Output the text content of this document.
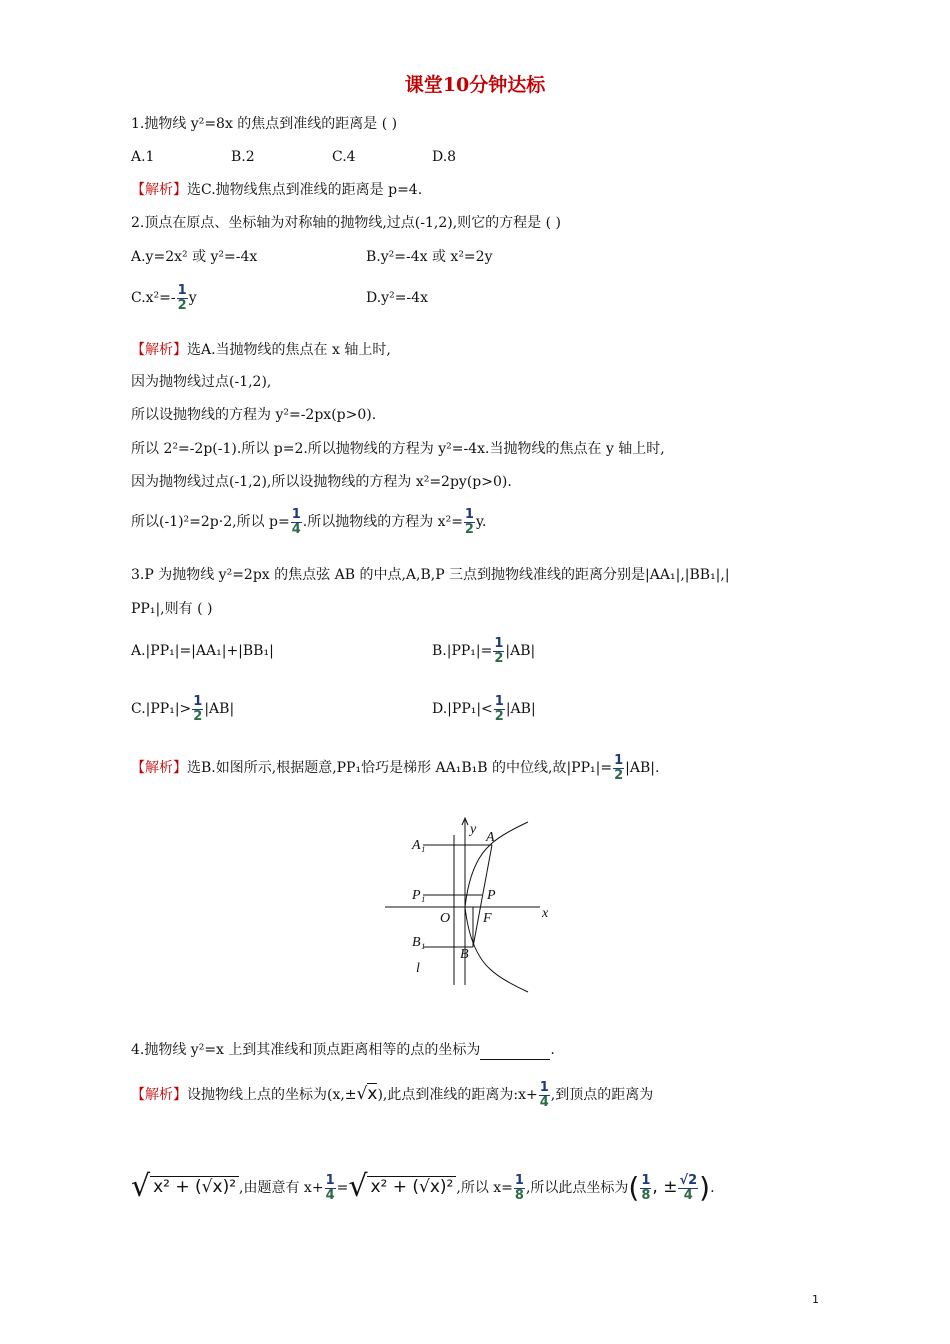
课堂10分钟达标
1.抛物线 y²=8x 的焦点到准线的距离是 ( )
A.1	B.2	C.4	D.8
【解析】选C.抛物线焦点到准线的距离是 p=4.
2.顶点在原点、坐标轴为对称轴的抛物线,过点(-1,2),则它的方程是 ( )
A.y=2x² 或 y²=-4x	B.y²=-4x 或 x²=2y
$C.x^2=- \frac{1}{2}$ y	D.y²=-4x
【解析】选A.当抛物线的焦点在 x 轴上时,
因为抛物线过点(-1,2),
所以设抛物线的方程为 y²=-2px(p>0).
所以 2²=-2p(-1).所以 p=2.所以抛物线的方程为 y²=-4x.当抛物线的焦点在 y 轴上时,
因为抛物线过点(-1,2),所以设抛物线的方程为 x²=2py(p>0).
所以(-1)²=2p·2,所以 $p= \frac{1}{4}$ .所以抛物线的方程为 $x^2= \frac{1}{2} y$.
3.P 为抛物线 y²=2px 的焦点弦 AB 的中点,A,B,P 三点到抛物线准线的距离分别是|AA₁|,|BB₁|,|
PP₁|,则有 ( )
A.|PP₁|=|AA₁|+|BB₁|	$B.|PP_1|= \frac{1}{2} |AB|$
$C.|PP_1|> \frac{1}{2} |AB|$	$D.|PP_1|< \frac{1}{2} |AB|$
【解析】选B.如图所示,根据题意,PP₁恰巧是梯形 AA₁B₁B 的中位线,故$|PP_1|= \frac{1}{2} |AB|$.
y
x
A
A₁
P
P₁
O F
B₁
B
l
4.抛物线 y²=x 上到其准线和顶点距离相等的点的坐标为	.
【解析】设抛物线上点的坐标为(x,±√x),此点到准线的距离为:x+ $\frac{1}{4}$ ,到顶点的距离为
√ x² + (√x)² ,由题意有 $x+ \frac{1}{4}$ =√ x² + (√x)² ,所以 $x= \frac{1}{8}$ ,所以此点坐标为( $\frac{1}{8}$ , ± $\frac{√2}{4}$ ).
1
